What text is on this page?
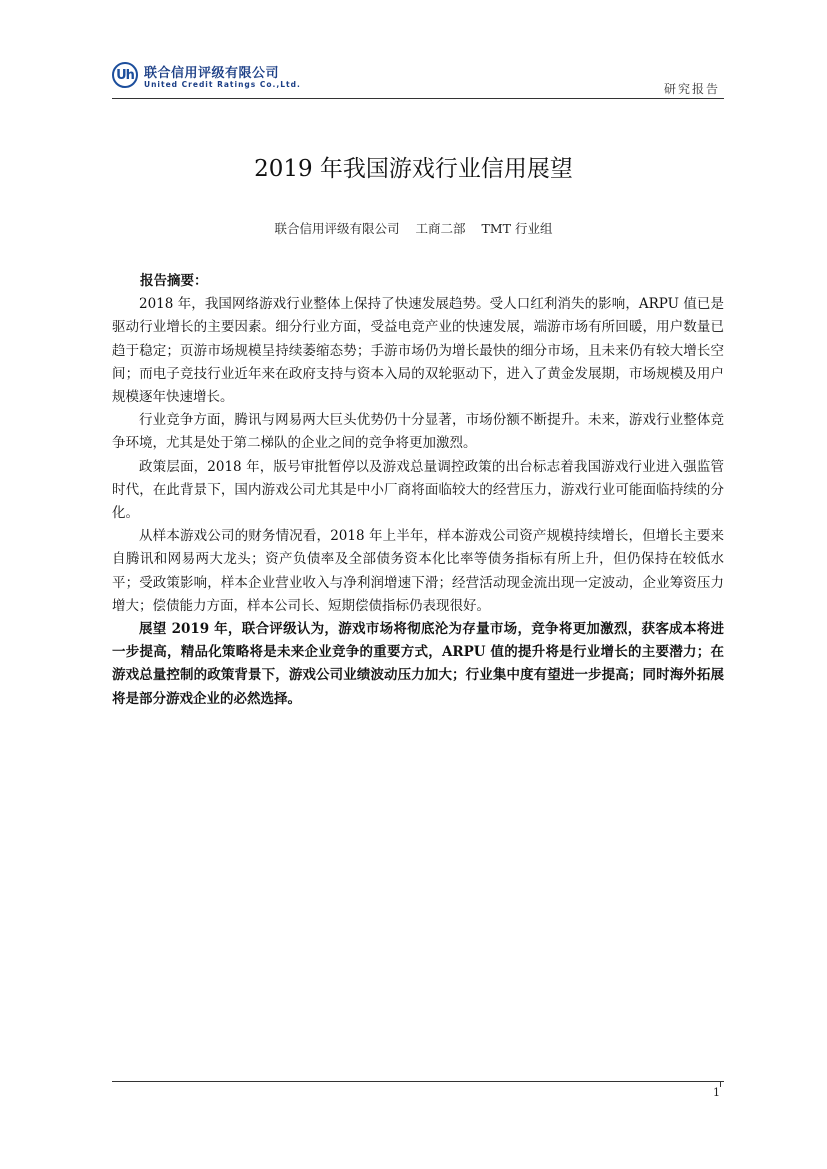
Uh 联合信用评级有限公司
United Credit Ratings Co.,Ltd.	研究报告
2019 年我国游戏行业信用展望
联合信用评级有限公司 工商二部 TMT 行业组
报告摘要：

2018 年，我国网络游戏行业整体上保持了快速发展趋势。受人口红利消失的影响，ARPU 值已是驱动行业增长的主要因素。细分行业方面，受益电竞产业的快速发展，端游市场有所回暖，用户数量已趋于稳定；页游市场规模呈持续萎缩态势；手游市场仍为增长最快的细分市场，且未来仍有较大增长空间；而电子竞技行业近年来在政府支持与资本入局的双轮驱动下，进入了黄金发展期，市场规模及用户规模逐年快速增长。

行业竞争方面，腾讯与网易两大巨头优势仍十分显著，市场份额不断提升。未来，游戏行业整体竞争环境，尤其是处于第二梯队的企业之间的竞争将更加激烈。

政策层面，2018 年，版号审批暂停以及游戏总量调控政策的出台标志着我国游戏行业进入强监管时代，在此背景下，国内游戏公司尤其是中小厂商将面临较大的经营压力，游戏行业可能面临持续的分化。

从样本游戏公司的财务情况看，2018 年上半年，样本游戏公司资产规模持续增长，但增长主要来自腾讯和网易两大龙头；资产负债率及全部债务资本化比率等债务指标有所上升，但仍保持在较低水平；受政策影响，样本企业营业收入与净利润增速下滑；经营活动现金流出现一定波动，企业筹资压力增大；偿债能力方面，样本公司长、短期偿债指标仍表现很好。

展望 2019 年，联合评级认为，游戏市场将彻底沦为存量市场，竞争将更加激烈，获客成本将进一步提高，精品化策略将是未来企业竞争的重要方式，ARPU 值的提升将是行业增长的主要潜力；在游戏总量控制的政策背景下，游戏公司业绩波动压力加大；行业集中度有望进一步提高；同时海外拓展将是部分游戏企业的必然选择。

1
